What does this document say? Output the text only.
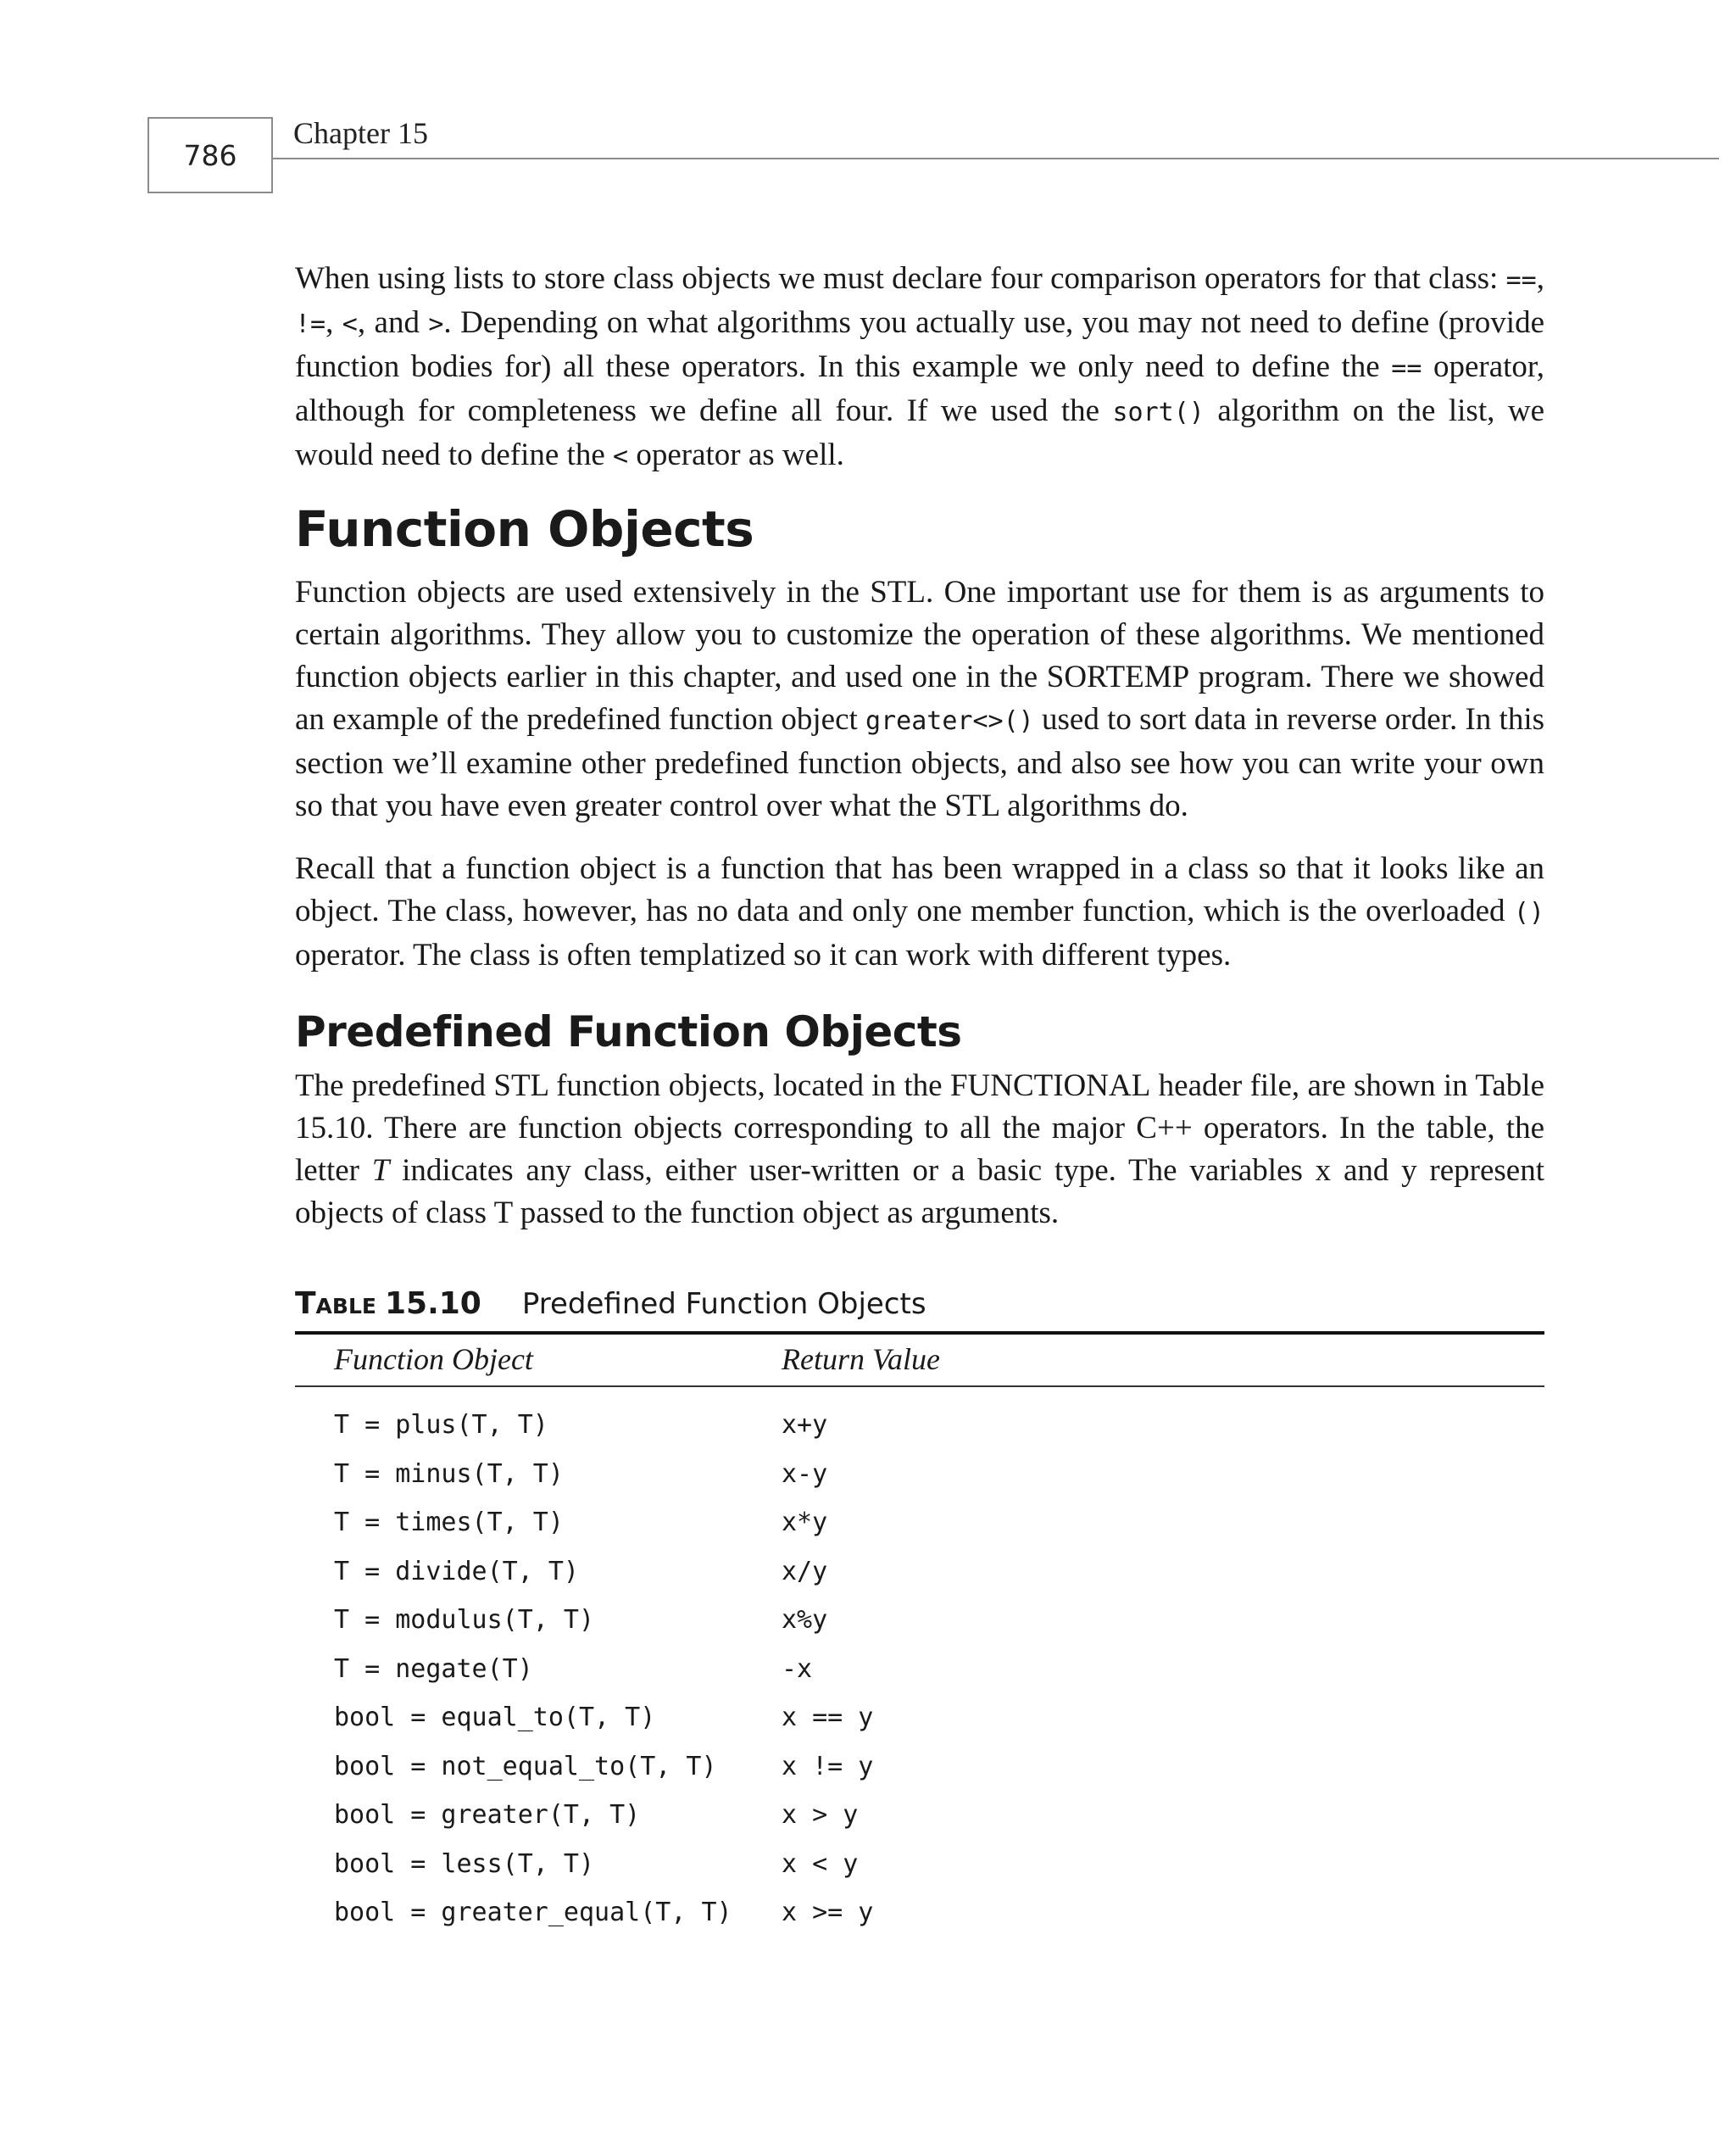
786
Chapter 15

When using lists to store class objects we must declare four comparison operators for that class: ==, !=, <, and >. Depending on what algorithms you actually use, you may not need to define (provide function bodies for) all these operators. In this example we only need to define the == operator, although for completeness we define all four. If we used the sort() algorithm on the list, we would need to define the < operator as well.

Function Objects

Function objects are used extensively in the STL. One important use for them is as arguments to certain algorithms. They allow you to customize the operation of these algorithms. We mentioned function objects earlier in this chapter, and used one in the SORTEMP program. There we showed an example of the predefined function object greater<>() used to sort data in reverse order. In this section we’ll examine other predefined function objects, and also see how you can write your own so that you have even greater control over what the STL algorithms do.

Recall that a function object is a function that has been wrapped in a class so that it looks like an object. The class, however, has no data and only one member function, which is the overloaded () operator. The class is often templatized so it can work with different types.

Predefined Function Objects

The predefined STL function objects, located in the FUNCTIONAL header file, are shown in Table 15.10. There are function objects corresponding to all the major C++ operators. In the table, the letter T indicates any class, either user-written or a basic type. The variables x and y represent objects of class T passed to the function object as arguments.

Table 15.10 Predefined Function Objects
Function Object	Return Value
T = plus(T, T)	x+y
T = minus(T, T)	x-y
T = times(T, T)	x*y
T = divide(T, T)	x/y
T = modulus(T, T)	x%y
T = negate(T)	-x
bool = equal_to(T, T)	x == y
bool = not_equal_to(T, T)	x != y
bool = greater(T, T)	x > y
bool = less(T, T)	x < y
bool = greater_equal(T, T)	x >= y
